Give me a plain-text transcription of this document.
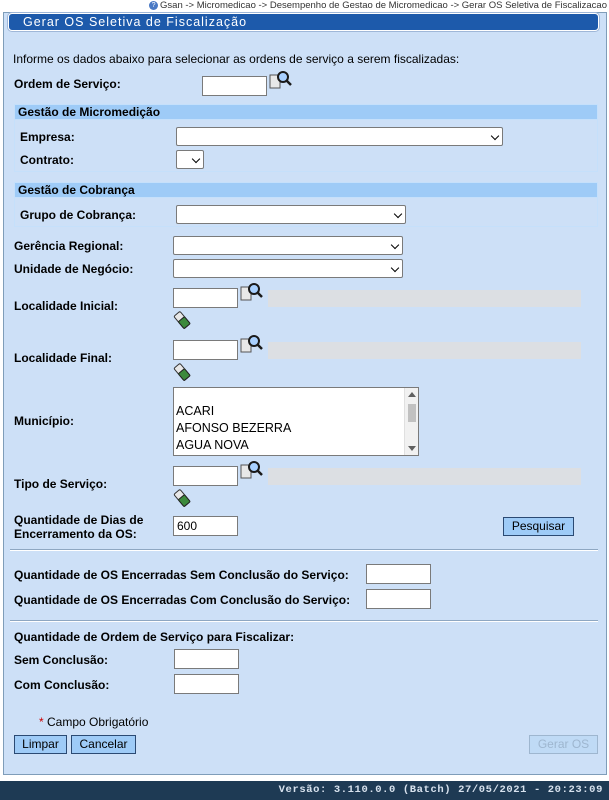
? Gsan -> Micromedicao -> Desempenho de Gestao de Micromedicao -> Gerar OS Seletiva de Fiscalizacao
Gerar OS Seletiva de Fiscalização
Informe os dados abaixo para selecionar as ordens de serviço a serem fiscalizadas:
Ordem de Serviço:
Gestão de Micromedição
Empresa:
Contrato:
Gestão de Cobrança
Grupo de Cobrança:
Gerência Regional:
Unidade de Negócio:
Localidade Inicial:
Localidade Final:
Município:
ACARI
AFONSO BEZERRA
AGUA NOVA
Tipo de Serviço:
Quantidade de Dias de
Encerramento da OS:
600
Pesquisar
Quantidade de OS Encerradas Sem Conclusão do Serviço:
Quantidade de OS Encerradas Com Conclusão do Serviço:
Quantidade de Ordem de Serviço para Fiscalizar:
Sem Conclusão:
Com Conclusão:
* Campo Obrigatório
Limpar	Cancelar	Gerar OS
Versão: 3.110.0.0 (Batch) 27/05/2021 - 20:23:09
